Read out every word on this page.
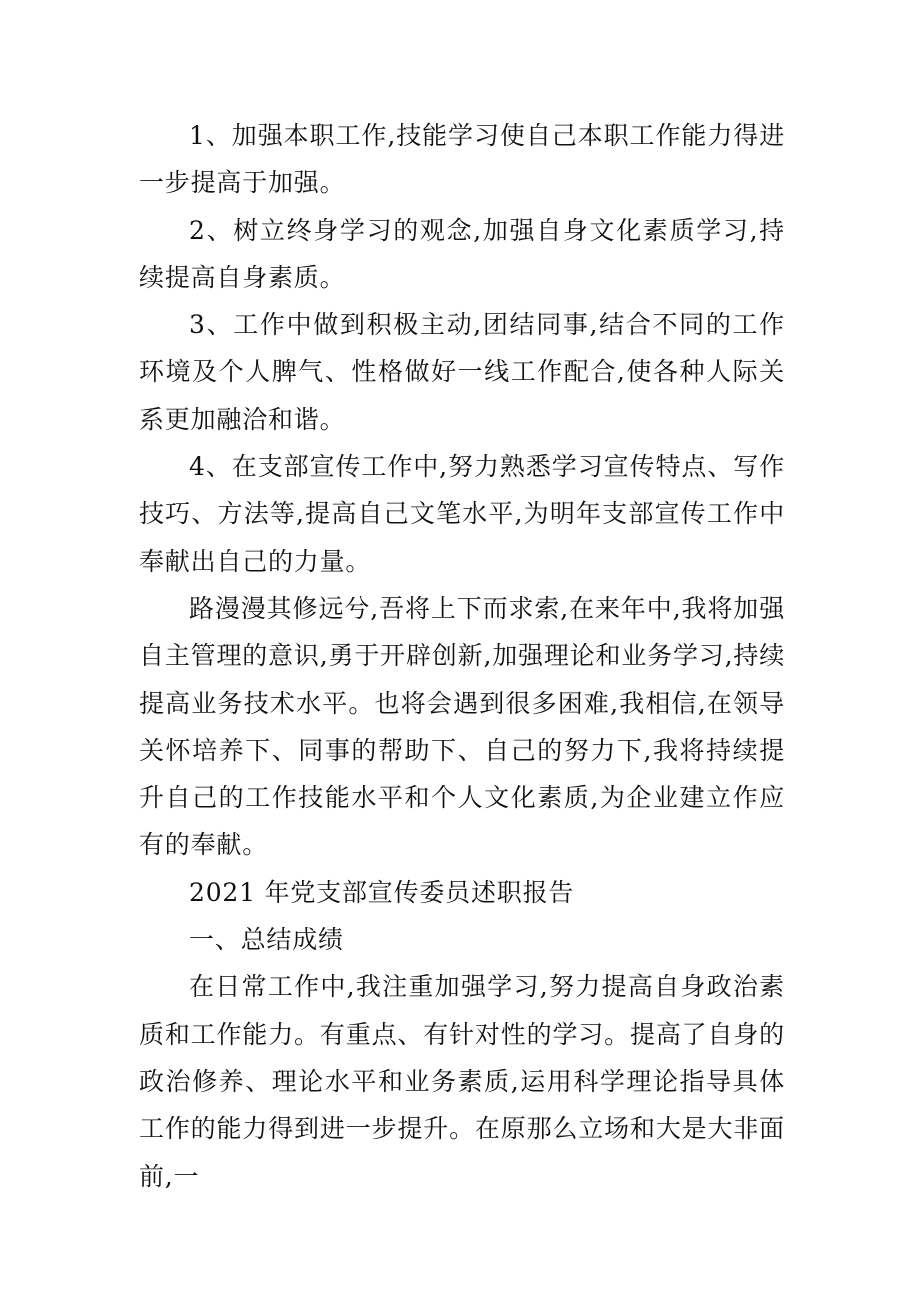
1、加强本职工作,技能学习使自己本职工作能力得进一步提高于加强。

2、树立终身学习的观念,加强自身文化素质学习,持续提高自身素质。

3、工作中做到积极主动,团结同事,结合不同的工作环境及个人脾气、性格做好一线工作配合,使各种人际关系更加融洽和谐。

4、在支部宣传工作中,努力熟悉学习宣传特点、写作技巧、方法等,提高自己文笔水平,为明年支部宣传工作中奉献出自己的力量。

路漫漫其修远兮,吾将上下而求索,在来年中,我将加强自主管理的意识,勇于开辟创新,加强理论和业务学习,持续提高业务技术水平。也将会遇到很多困难,我相信,在领导关怀培养下、同事的帮助下、自己的努力下,我将持续提升自己的工作技能水平和个人文化素质,为企业建立作应有的奉献。

2021 年党支部宣传委员述职报告

一、总结成绩

在日常工作中,我注重加强学习,努力提高自身政治素质和工作能力。有重点、有针对性的学习。提高了自身的政治修养、理论水平和业务素质,运用科学理论指导具体工作的能力得到进一步提升。在原那么立场和大是大非面前,一
